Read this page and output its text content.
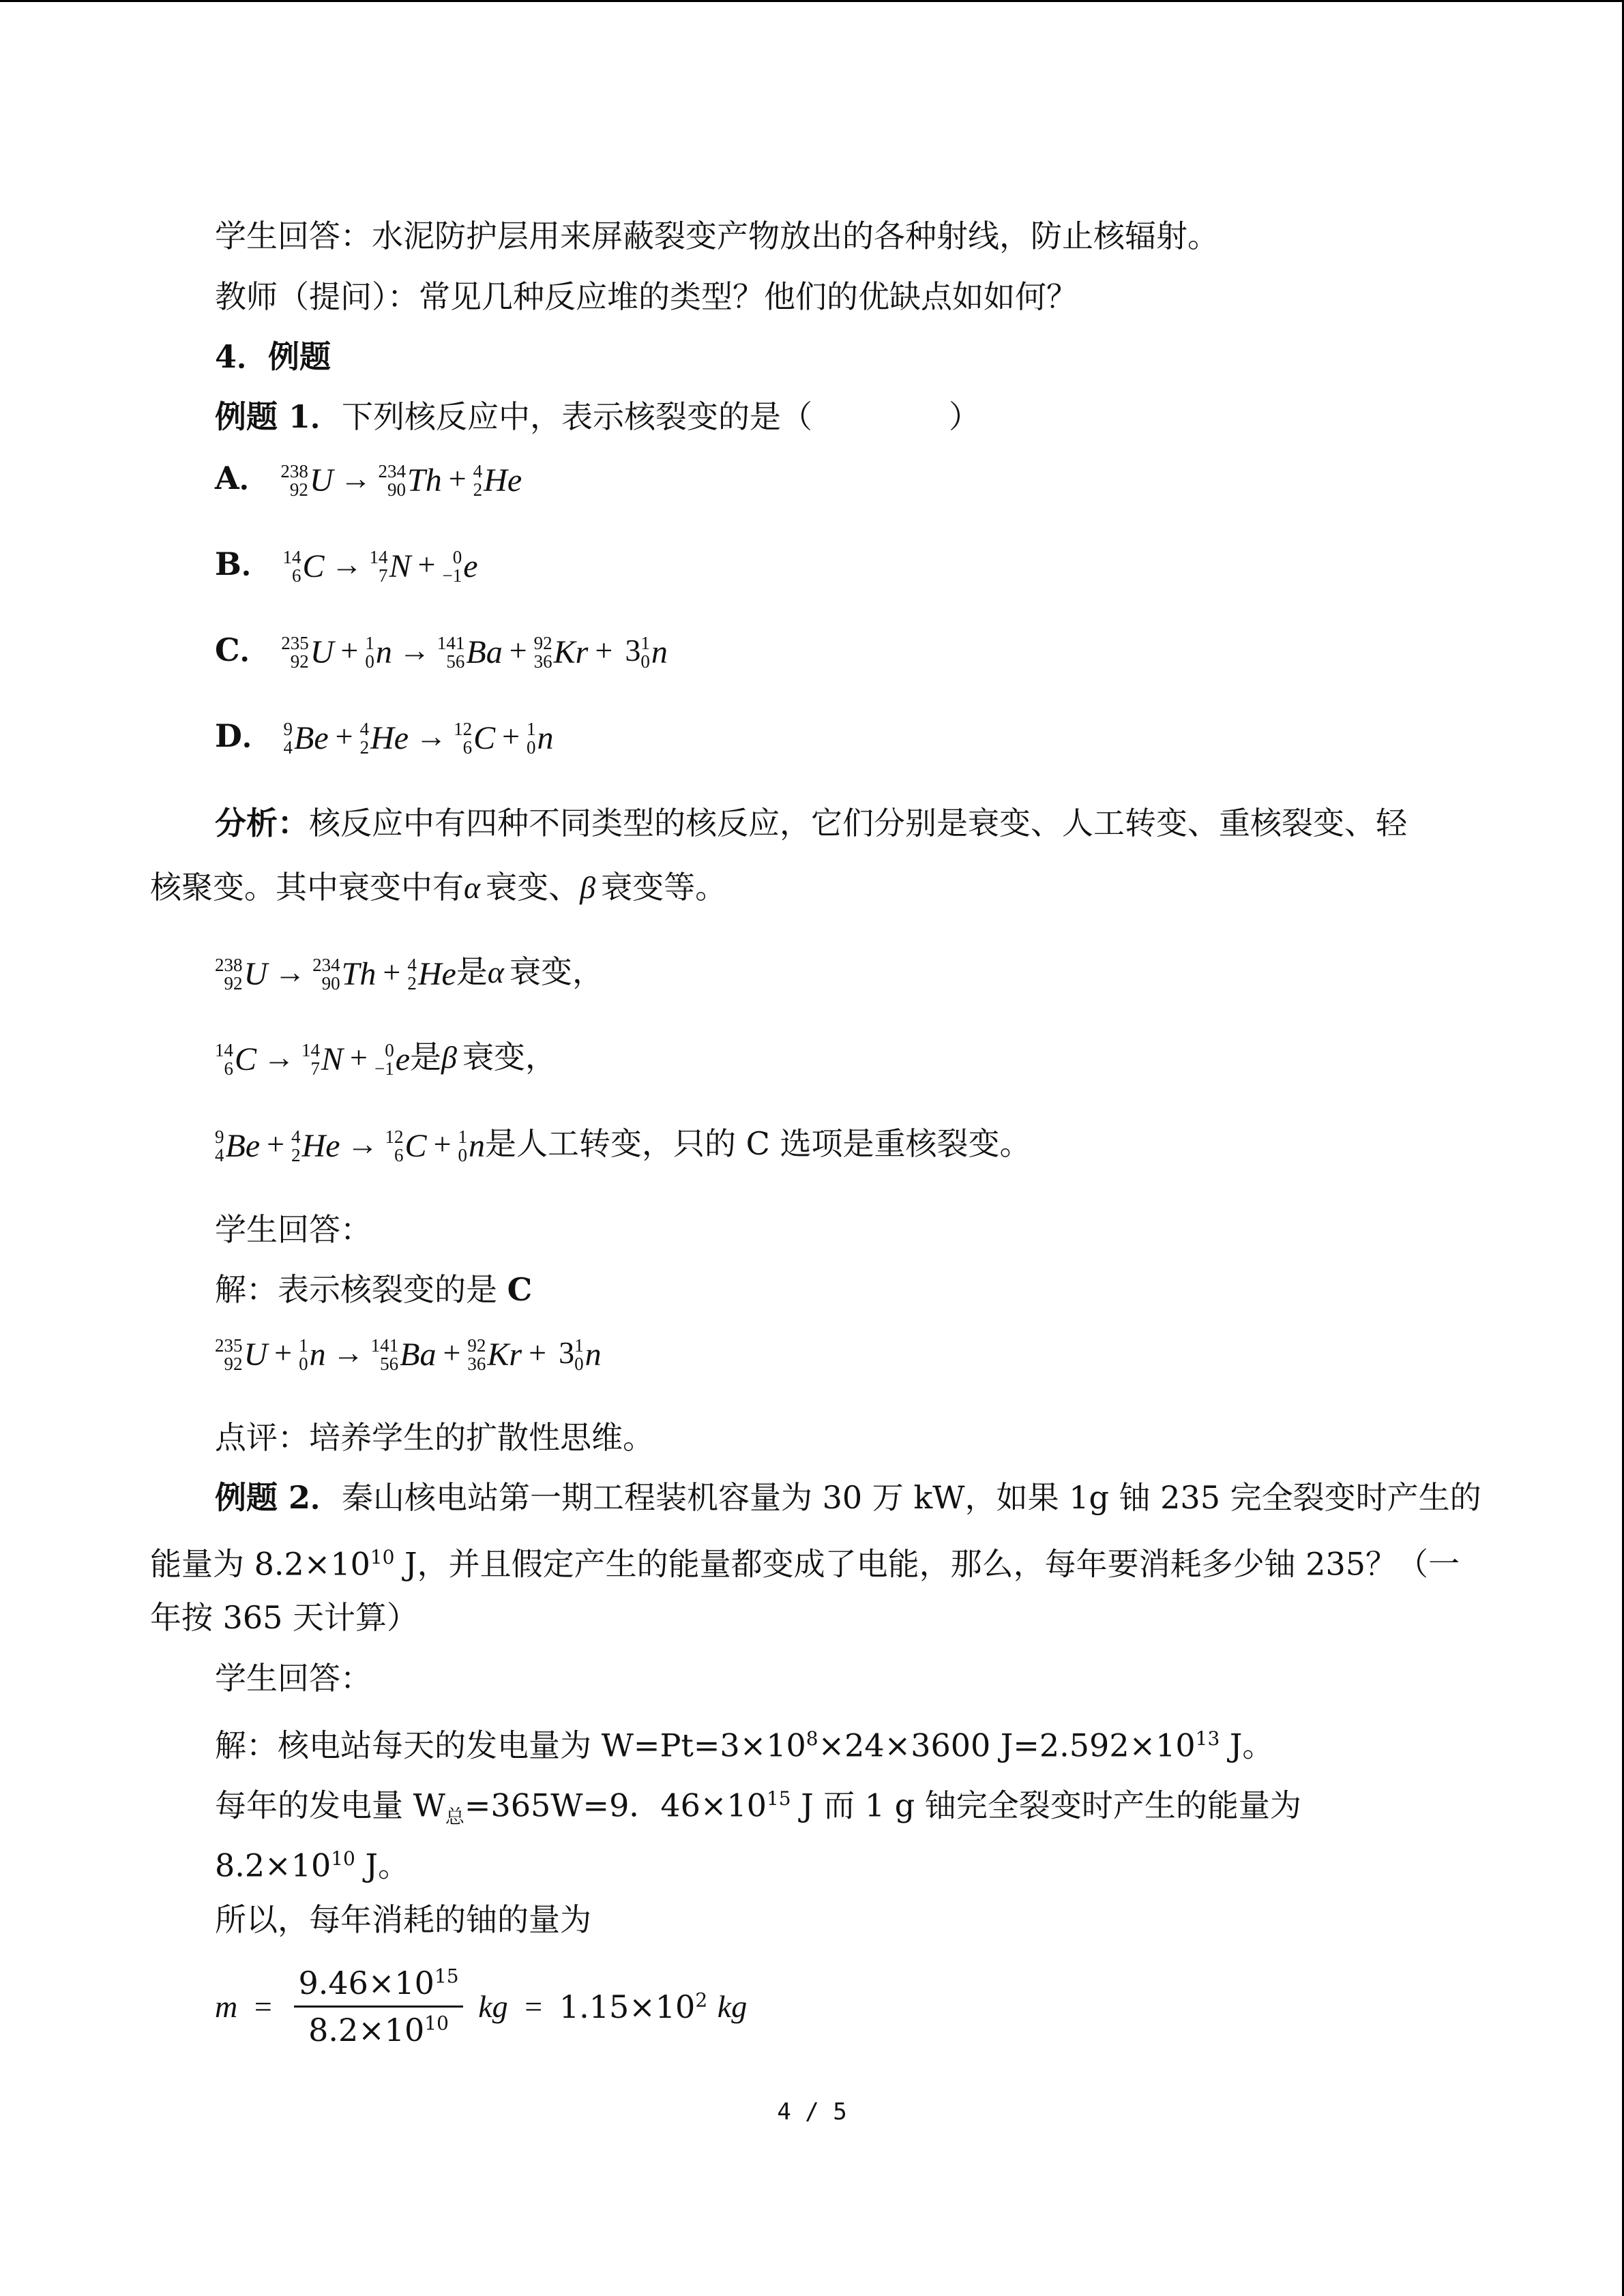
学生回答：水泥防护层用来屏蔽裂变产物放出的各种射线，防止核辐射。
教师（提问）：常见几种反应堆的类型？他们的优缺点如如何？
4．例题
例题 1．下列核反应中，表示核裂变的是（	）
A． 238
92 U → 234
90 Th + 4
2 He
B． 14
6 C → 14
7 N + 0
−1 e
C． 235
92 U + 1
0 n → 141
56 Ba + 92
36 Kr + 3 1
0 n
D． 9
4 Be + 4
2 He → 12
6 C + 1
0 n
分析：核反应中有四种不同类型的核反应，它们分别是衰变、人工转变、重核裂变、轻
核聚变。其中衰变中有α 衰变、β 衰变等。
238
92 U → 234
90 Th + 4
2 He 是α 衰变，
14
6 C → 14
7 N + 0
−1 e 是β 衰变，
9
4 Be + 4
2 He → 12
6 C + 1
0 n 是人工转变，只的 C 选项是重核裂变。
学生回答：
解：表示核裂变的是 C
235
92 U + 1
0 n → 141
56 Ba + 92
36 Kr + 3 1
0 n
点评：培养学生的扩散性思维。
例题 2．秦山核电站第一期工程装机容量为 30 万 kW，如果 1g 铀 235 完全裂变时产生的
能量为 $8.2\times 10^{10}$ J，并且假定产生的能量都变成了电能，那么，每年要消耗多少铀 235？（一
年按 365 天计算）
学生回答：
解：核电站每天的发电量为 $W=Pt=3\times 10^8\times 24\times 3600$ $J=2.592\times 10^{13}$ J。
每年的发电量 $W_总=365W=9$．$46\times 10^{15}$ J 而 1 g 铀完全裂变时产生的能量为
$8.2\times 10^{10}$ J。
所以，每年消耗的铀的量为
$m = \frac{9.46\times 10^{15}}{8.2\times 10^{10}}$ kg = $1.15\times 10^2$ kg
4 / 5
